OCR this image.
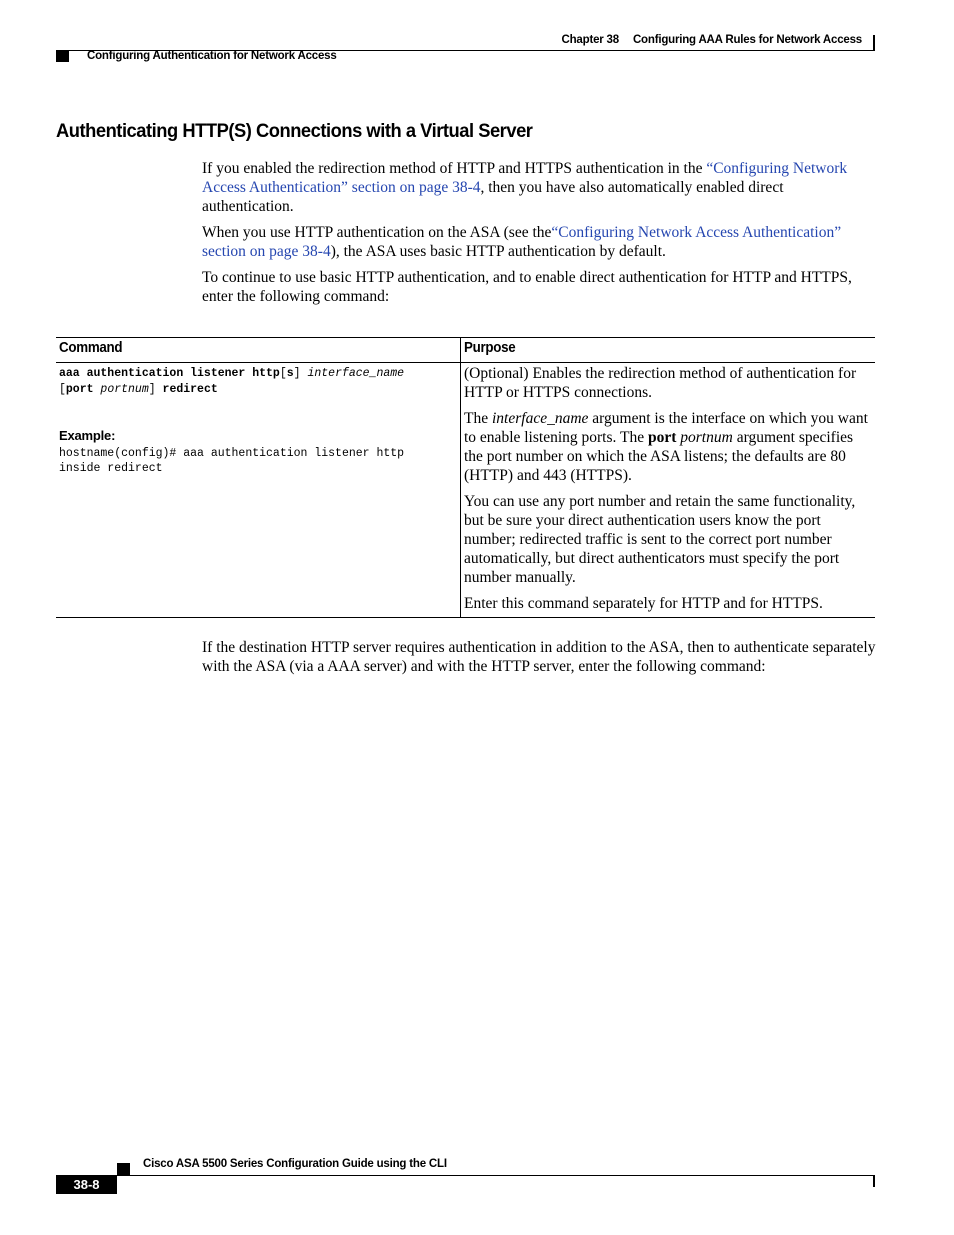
Chapter 38 Configuring AAA Rules for Network Access
Configuring Authentication for Network Access
Authenticating HTTP(S) Connections with a Virtual Server

If you enabled the redirection method of HTTP and HTTPS authentication in the “Configuring Network Access Authentication” section on page 38-4, then you have also automatically enabled direct authentication.

When you use HTTP authentication on the ASA (see the“Configuring Network Access Authentication” section on page 38-4), the ASA uses basic HTTP authentication by default.

To continue to use basic HTTP authentication, and to enable direct authentication for HTTP and HTTPS, enter the following command:

Command	Purpose
aaa authentication listener http[s] interface_name
[port portnum] redirect
Example:
hostname(config)# aaa authentication listener http
inside redirect

(Optional) Enables the redirection method of authentication for HTTP or HTTPS connections.

The interface_name argument is the interface on which you want to enable listening ports. The port portnum argument specifies the port number on which the ASA listens; the defaults are 80 (HTTP) and 443 (HTTPS).

You can use any port number and retain the same functionality, but be sure your direct authentication users know the port number; redirected traffic is sent to the correct port number automatically, but direct authenticators must specify the port number manually.

Enter this command separately for HTTP and for HTTPS.

If the destination HTTP server requires authentication in addition to the ASA, then to authenticate separately with the ASA (via a AAA server) and with the HTTP server, enter the following command:

Cisco ASA 5500 Series Configuration Guide using the CLI
38-8
